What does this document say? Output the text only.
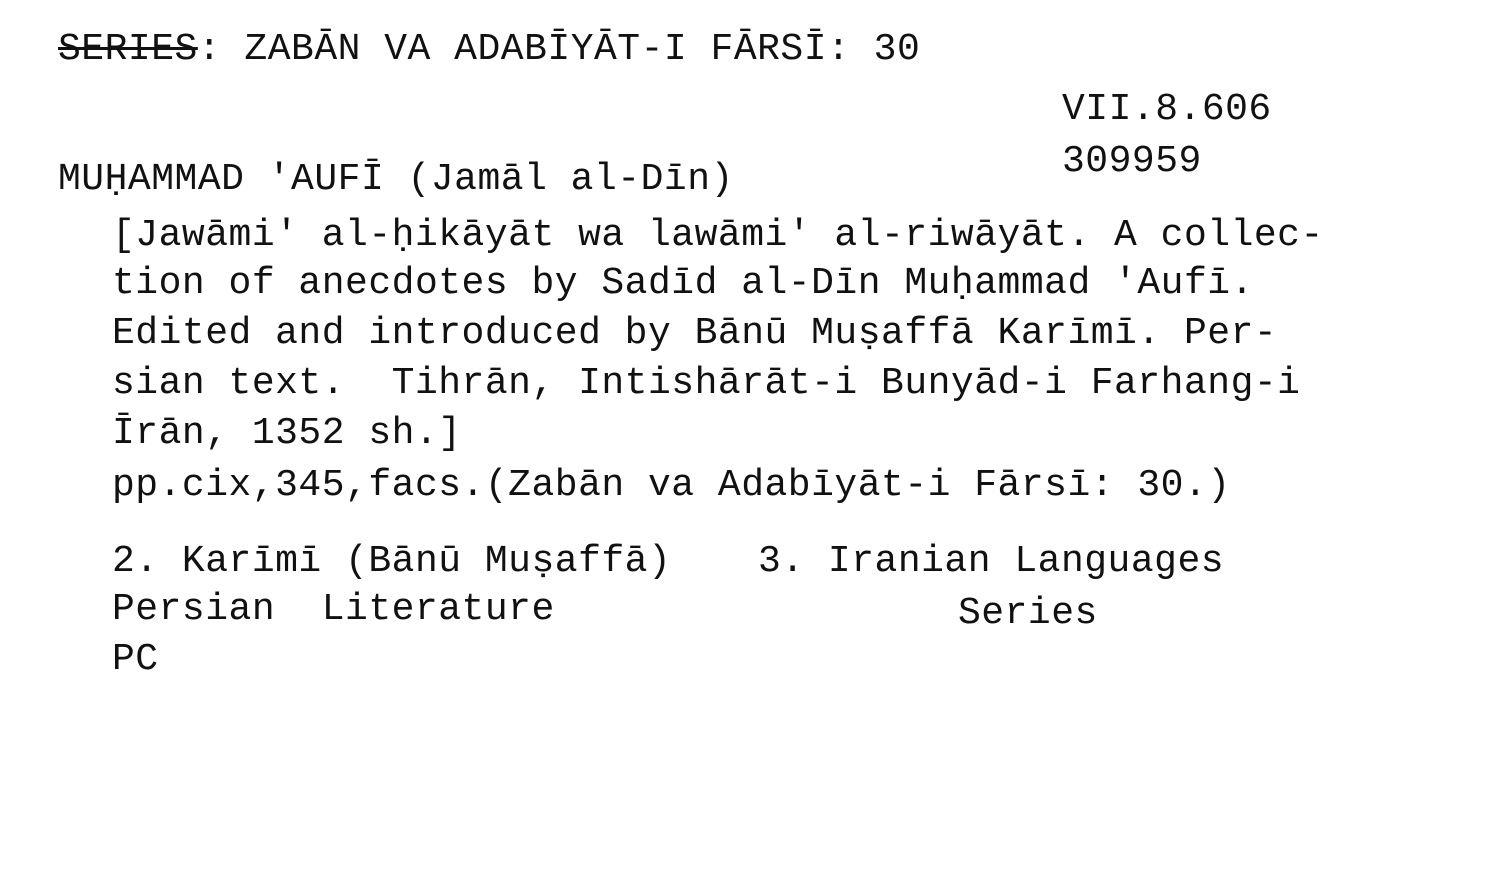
SERIES: ZABĀN VA ADABĪYĀT-I FĀRSĪ: 30
VII.8.606
309959
MUḤAMMAD 'AUFĪ (Jamāl al-Dīn)
[Jawāmi' al-ḥikāyāt wa lawāmi' al-riwāyāt. A collec-
tion of anecdotes by Sadīd al-Dīn Muḥammad 'Aufī.
Edited and introduced by Bānū Muṣaffā Karīmī. Per-
sian text.  Tihrān, Intishārāt-i Bunyād-i Farhang-i
Īrān, 1352 sh.]
pp.cix,345,facs.(Zabān va Adabīyāt-i Fārsī: 30.)
2. Karīmī (Bānū Muṣaffā) 3. Iranian Languages
Persian  Literature	Series
PC
